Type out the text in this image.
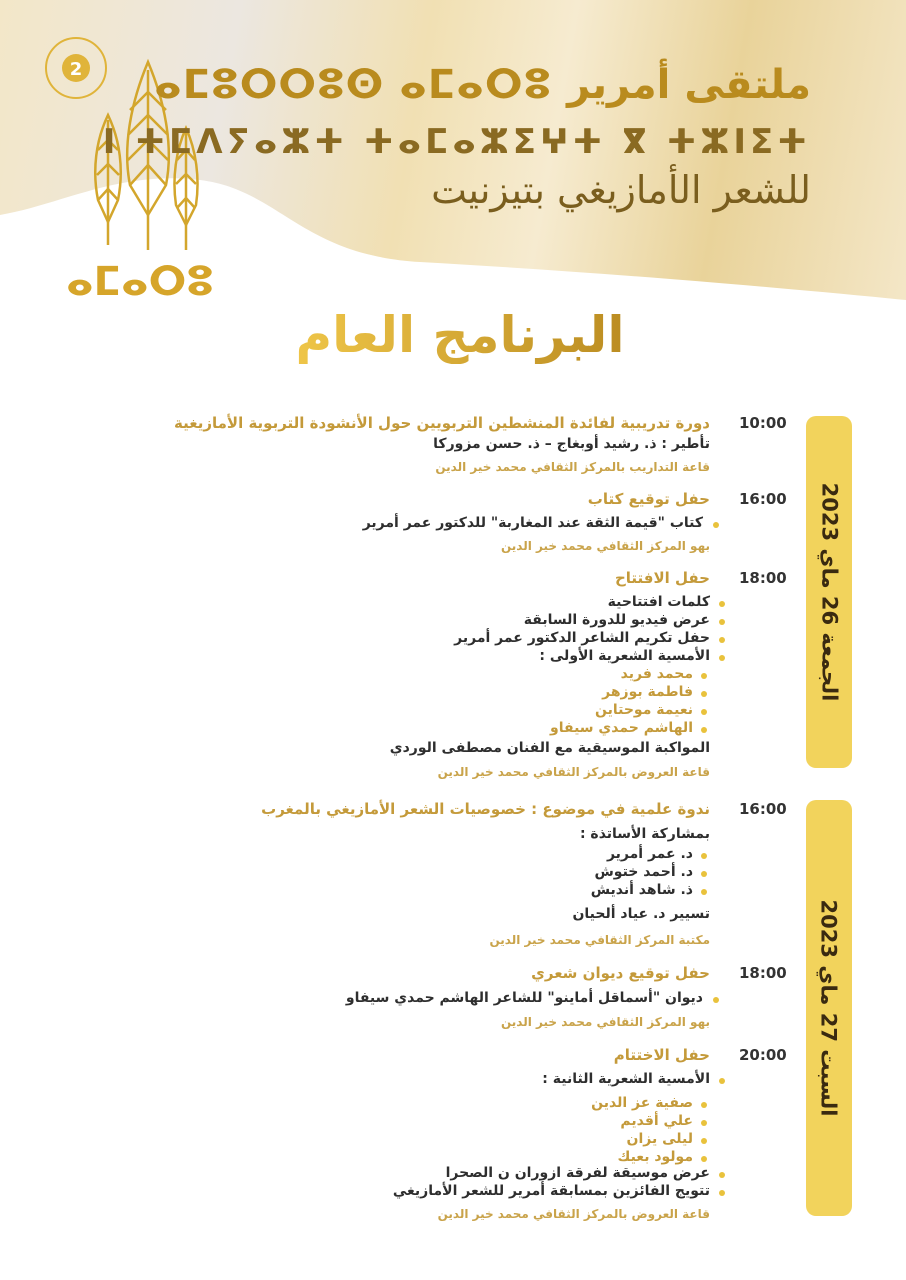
2
ⴰⵎⴰⵔⵓ
ⴰⵎⵓⵔⵔⵓⵙ ⴰⵎⴰⵔⵓ ملتقى أمرير
ⵏ ⵜⵎⴷⵢⴰⵣⵜ ⵜⴰⵎⴰⵣⵉⵖⵜ ⴳ ⵜⵣⵏⵉⵜ
للشعر الأمازيغي بتيزنيت
البرنامج العام
الجمعة 26 ماي 2023
السبت 27 ماي 2023
10:00
دورة تدريبية لفائدة المنشطين التربويين حول الأنشودة التربوية الأمازيغية
تأطير : ذ. رشيد أوبغاج – ذ. حسن مزوركا
قاعة التداريب بالمركز الثقافي محمد خير الدين
16:00
حفل توقيع كتاب
كتاب "قيمة الثقة عند المغاربة" للدكتور عمر أمرير
بهو المركز الثقافي محمد خير الدين
18:00
حفل الافتتاح
كلمات افتتاحية
عرض فيديو للدورة السابقة
حفل تكريم الشاعر الدكتور عمر أمرير
الأمسية الشعرية الأولى :
محمد فريد
فاطمة بوزهر
نعيمة موحتاين
الهاشم حمدي سيفاو
المواكبة الموسيقية مع الفنان مصطفى الوردي
قاعة العروض بالمركز الثقافي محمد خير الدين
16:00
ندوة علمية في موضوع : خصوصيات الشعر الأمازيغي بالمغرب
بمشاركة الأساتذة :
د. عمر أمرير
د. أحمد ختوش
ذ. شاهد أنديش
تسيير د. عياد ألحيان
مكتبة المركز الثقافي محمد خير الدين
18:00
حفل توقيع ديوان شعري
ديوان "أسماقل أماينو" للشاعر الهاشم حمدي سيفاو
بهو المركز الثقافي محمد خير الدين
20:00
حفل الاختتام
الأمسية الشعرية الثانية :
صفية عز الدين
علي أقديم
ليلى يزان
مولود بعيك
عرض موسيقة لفرقة ازوران ن الصحرا
تتويج الفائزين بمسابقة أمرير للشعر الأمازيغي
قاعة العروض بالمركز الثقافي محمد خير الدين
